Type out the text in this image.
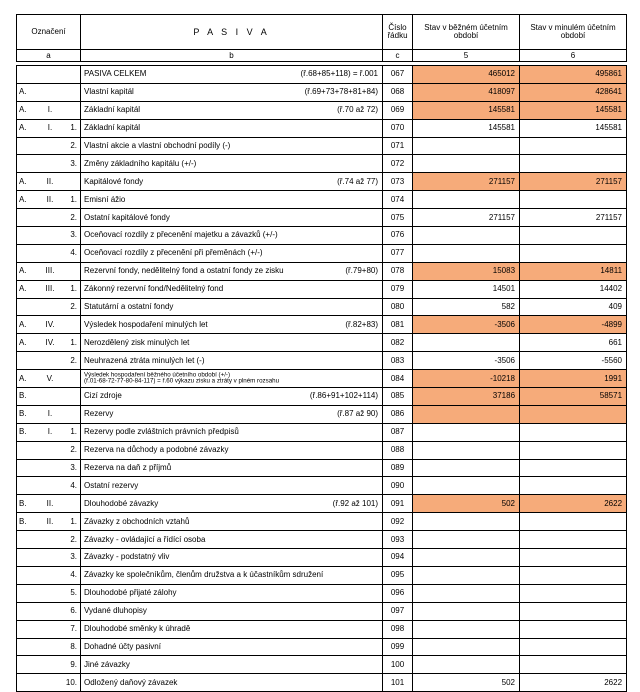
Označení			P A S I V A	Číslo řádku	Stav v běžném účetním období	Stav v minulém účetním období
a			b	c	5	6

			PASIVA CELKEM (ř.68+85+118) = ř.001	067	465012	495861
A.			Vlastní kapitál (ř.69+73+78+81+84)	068	418097	428641
A.	I.		Základní kapitál (ř.70 až 72)	069	145581	145581
A.	I.	1.	Základní kapitál	070	145581	145581
		2.	Vlastní akcie a vlastní obchodní podíly (-)	071		
		3.	Změny základního kapitálu (+/-)	072		
A.	II.		Kapitálové fondy (ř.74 až 77)	073	271157	271157
A.	II.	1.	Emisní ážio	074		
		2.	Ostatní kapitálové fondy	075	271157	271157
		3.	Oceňovací rozdíly z přecenění majetku a závazků (+/-)	076		
		4.	Oceňovací rozdíly z přecenění při přeměnách (+/-)	077		
A.	III.		Rezervní fondy, nedělitelný fond a ostatní fondy ze zisku (ř.79+80)	078	15083	14811
A.	III.	1.	Zákonný rezervní fond/Nedělitelný fond	079	14501	14402
		2.	Statutární a ostatní fondy	080	582	409
A.	IV.		Výsledek hospodaření minulých let (ř.82+83)	081	-3506	-4899
A.	IV.	1.	Nerozdělený zisk minulých let	082		661
		2.	Neuhrazená ztráta minulých let (-)	083	-3506	-5560
A.	V.		Výsledek hospodaření běžného účetního období (+/-)
(ř.01-68-72-77-80-84-117) = ř.60 výkazu zisku a ztráty v plném rozsahu	084	-10218	1991
B.			Cizí zdroje (ř.86+91+102+114)	085	37186	58571
B.	I.		Rezervy (ř.87 až 90)	086		
B.	I.	1.	Rezervy podle zvláštních právních předpisů	087		
		2.	Rezerva na důchody a podobné závazky	088		
		3.	Rezerva na daň z příjmů	089		
		4.	Ostatní rezervy	090		
B.	II.		Dlouhodobé závazky (ř.92 až 101)	091	502	2622
B.	II.	1.	Závazky z obchodních vztahů	092		
		2.	Závazky - ovládající a řídící osoba	093		
		3.	Závazky - podstatný vliv	094		
		4.	Závazky ke společníkům, členům družstva a k účastníkům sdružení	095		
		5.	Dlouhodobé přijaté zálohy	096		
		6.	Vydané dluhopisy	097		
		7.	Dlouhodobé směnky k úhradě	098		
		8.	Dohadné účty pasivní	099		
		9.	Jiné závazky	100		
		10.	Odložený daňový závazek	101	502	2622
